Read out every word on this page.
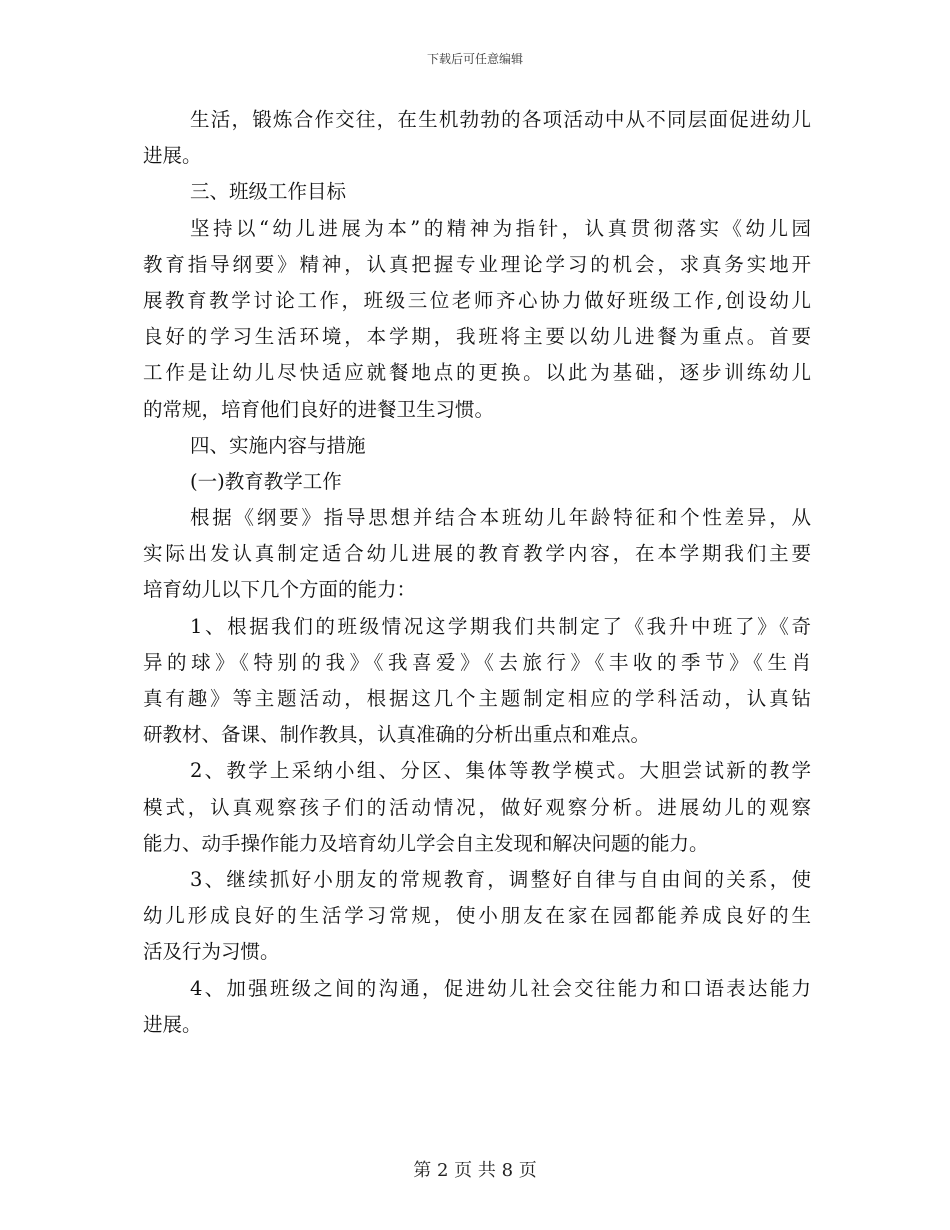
下载后可任意编辑
生活，锻炼合作交往，在生机勃勃的各项活动中从不同层面促进幼儿
进展。
三、班级工作目标
坚持以“幼儿进展为本”的精神为指针，认真贯彻落实《幼儿园
教育指导纲要》精神，认真把握专业理论学习的机会，求真务实地开
展教育教学讨论工作，班级三位老师齐心协力做好班级工作,创设幼儿
良好的学习生活环境，本学期，我班将主要以幼儿进餐为重点。首要
工作是让幼儿尽快适应就餐地点的更换。以此为基础，逐步训练幼儿
的常规，培育他们良好的进餐卫生习惯。
四、实施内容与措施
(一)教育教学工作
根据《纲要》指导思想并结合本班幼儿年龄特征和个性差异，从
实际出发认真制定适合幼儿进展的教育教学内容，在本学期我们主要
培育幼儿以下几个方面的能力：
1、根据我们的班级情况这学期我们共制定了《我升中班了》《奇
异的球》《特别的我》《我喜爱》《去旅行》《丰收的季节》《生肖
真有趣》等主题活动，根据这几个主题制定相应的学科活动，认真钻
研教材、备课、制作教具，认真准确的分析出重点和难点。
2、教学上采纳小组、分区、集体等教学模式。大胆尝试新的教学
模式，认真观察孩子们的活动情况，做好观察分析。进展幼儿的观察
能力、动手操作能力及培育幼儿学会自主发现和解决问题的能力。
3、继续抓好小朋友的常规教育，调整好自律与自由间的关系，使
幼儿形成良好的生活学习常规，使小朋友在家在园都能养成良好的生
活及行为习惯。
4、加强班级之间的沟通，促进幼儿社会交往能力和口语表达能力
进展。
第 2 页 共 8 页
